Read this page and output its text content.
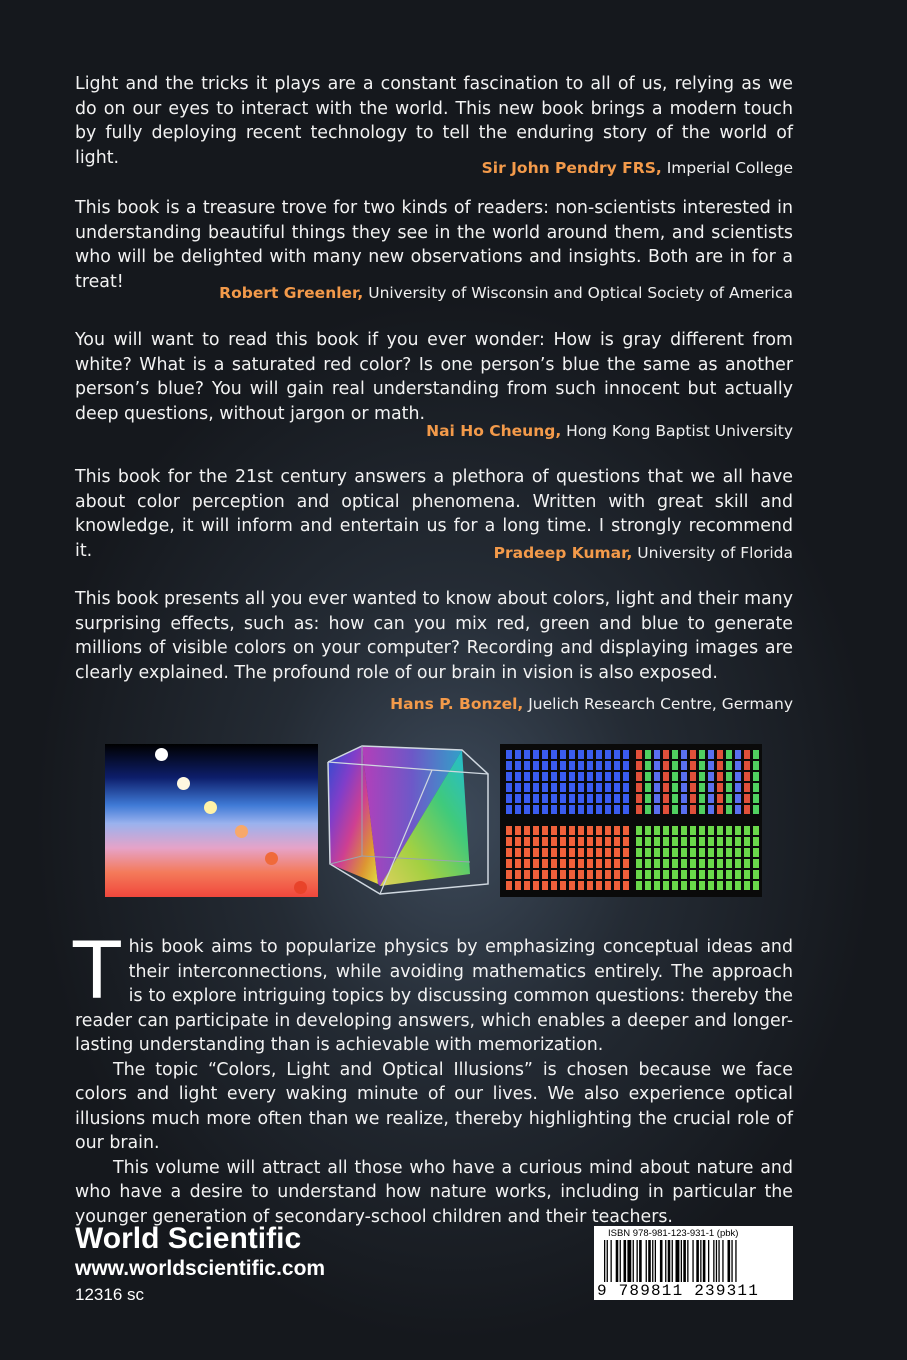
Light and the tricks it plays are a constant fascination to all of us, relying as we do on our eyes to interact with the world. This new book brings a modern touch by fully deploying recent technology to tell the enduring story of the world of light.
Sir John Pendry FRS, Imperial College
This book is a treasure trove for two kinds of readers: non-scientists interested in understanding beautiful things they see in the world around them, and scientists who will be delighted with many new observations and insights. Both are in for a treat!
Robert Greenler, University of Wisconsin and Optical Society of America
You will want to read this book if you ever wonder: How is gray different from white? What is a saturated red color? Is one person’s blue the same as another person’s blue? You will gain real understanding from such innocent but actually deep questions, without jargon or math.
Nai Ho Cheung, Hong Kong Baptist University
This book for the 21st century answers a plethora of questions that we all have about color perception and optical phenomena. Written with great skill and knowledge, it will inform and entertain us for a long time. I strongly recommend it.	Pradeep Kumar, University of Florida
This book presents all you ever wanted to know about colors, light and their many surprising effects, such as: how can you mix red, green and blue to generate millions of visible colors on your computer? Recording and displaying images are clearly explained. The profound role of our brain in vision is also exposed.
Hans P. Bonzel, Juelich Research Centre, Germany
This book aims to popularize physics by emphasizing conceptual ideas and their interconnections, while avoiding mathematics entirely. The approach is to explore intriguing topics by discussing common questions: thereby the reader can participate in developing answers, which enables a deeper and longer-lasting understanding than is achievable with memorization.
The topic “Colors, Light and Optical Illusions” is chosen because we face colors and light every waking minute of our lives. We also experience optical illusions much more often than we realize, thereby highlighting the crucial role of our brain.
This volume will attract all those who have a curious mind about nature and who have a desire to understand how nature works, including in particular the younger generation of secondary-school children and their teachers.
World Scientific
www.worldscientific.com
12316 sc
ISBN 978-981-123-931-1 (pbk)
9 789811 239311
